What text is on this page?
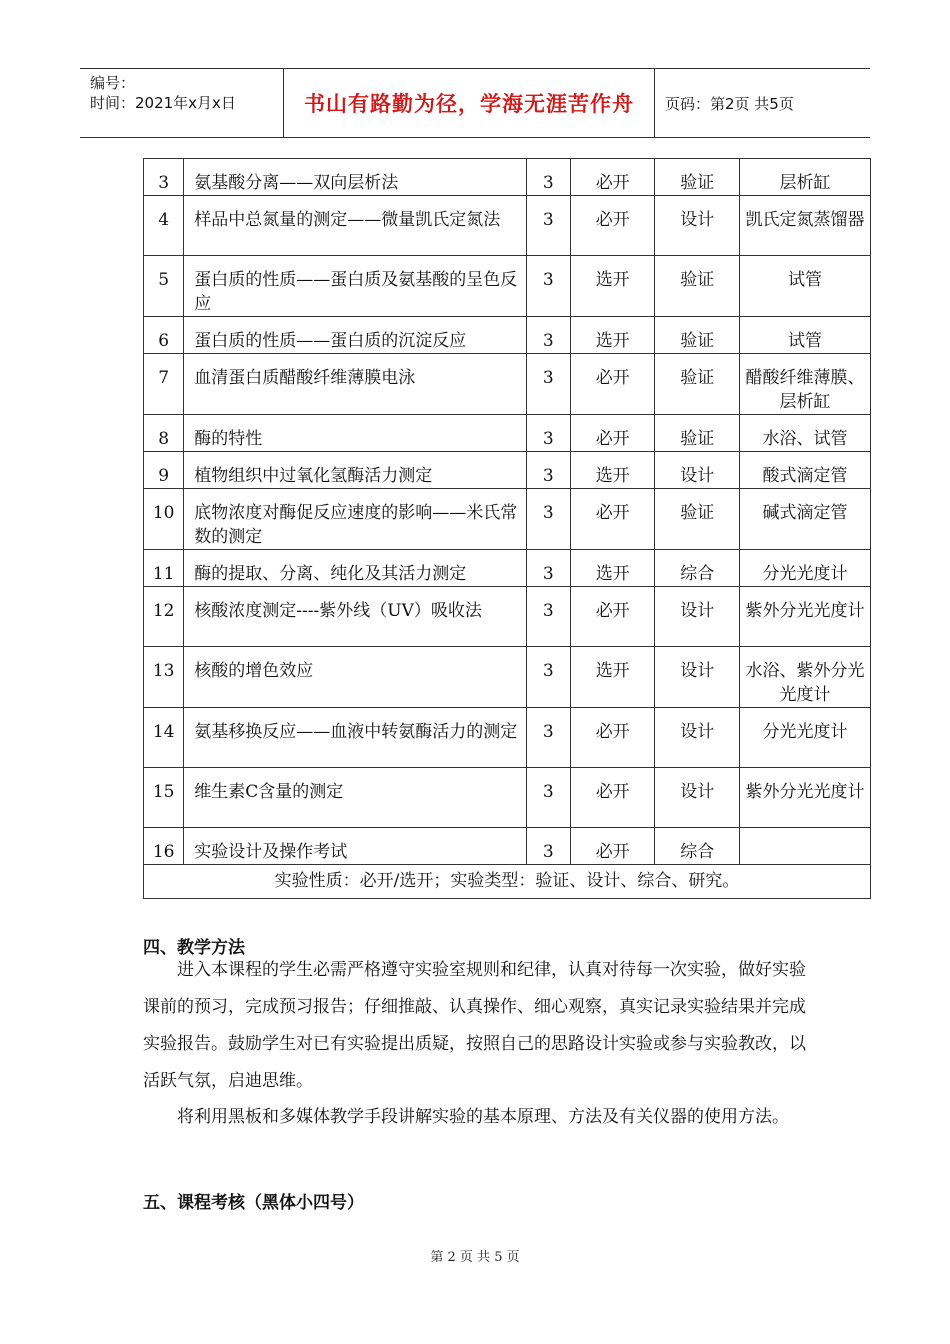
编号：
时间：2021年x月x日	书山有路勤为径，学海无涯苦作舟 页码：第2页 共5页
3	氨基酸分离——双向层析法	3	必开	验证	层析缸
4	样品中总氮量的测定——微量凯氏定氮法	3	必开	设计	凯氏定氮蒸馏器
5	蛋白质的性质——蛋白质及氨基酸的呈色反应	3	选开	验证	试管
6	蛋白质的性质——蛋白质的沉淀反应	3	选开	验证	试管
7	血清蛋白质醋酸纤维薄膜电泳	3	必开	验证	醋酸纤维薄膜、层析缸
8	酶的特性	3	必开	验证	水浴、试管
9	植物组织中过氧化氢酶活力测定	3	选开	设计	酸式滴定管
10	底物浓度对酶促反应速度的影响——米氏常数的测定	3	必开	验证	碱式滴定管
11	酶的提取、分离、纯化及其活力测定	3	选开	综合	分光光度计
12	核酸浓度测定----紫外线（UV）吸收法	3	必开	设计	紫外分光光度计
13	核酸的增色效应	3	选开	设计	水浴、紫外分光光度计
14	氨基移换反应——血液中转氨酶活力的测定	3	必开	设计	分光光度计
15	维生素C含量的测定	3	必开	设计	紫外分光光度计
16	实验设计及操作考试	3	必开	综合	
实验性质：必开/选开；实验类型：验证、设计、综合、研究。					
四、教学方法

进入本课程的学生必需严格遵守实验室规则和纪律，认真对待每一次实验，做好实验课前的预习，完成预习报告；仔细推敲、认真操作、细心观察，真实记录实验结果并完成实验报告。鼓励学生对已有实验提出质疑，按照自己的思路设计实验或参与实验教改，以活跃气氛，启迪思维。

将利用黑板和多媒体教学手段讲解实验的基本原理、方法及有关仪器的使用方法。

五、课程考核（黑体小四号）
第 2 页 共 5 页
